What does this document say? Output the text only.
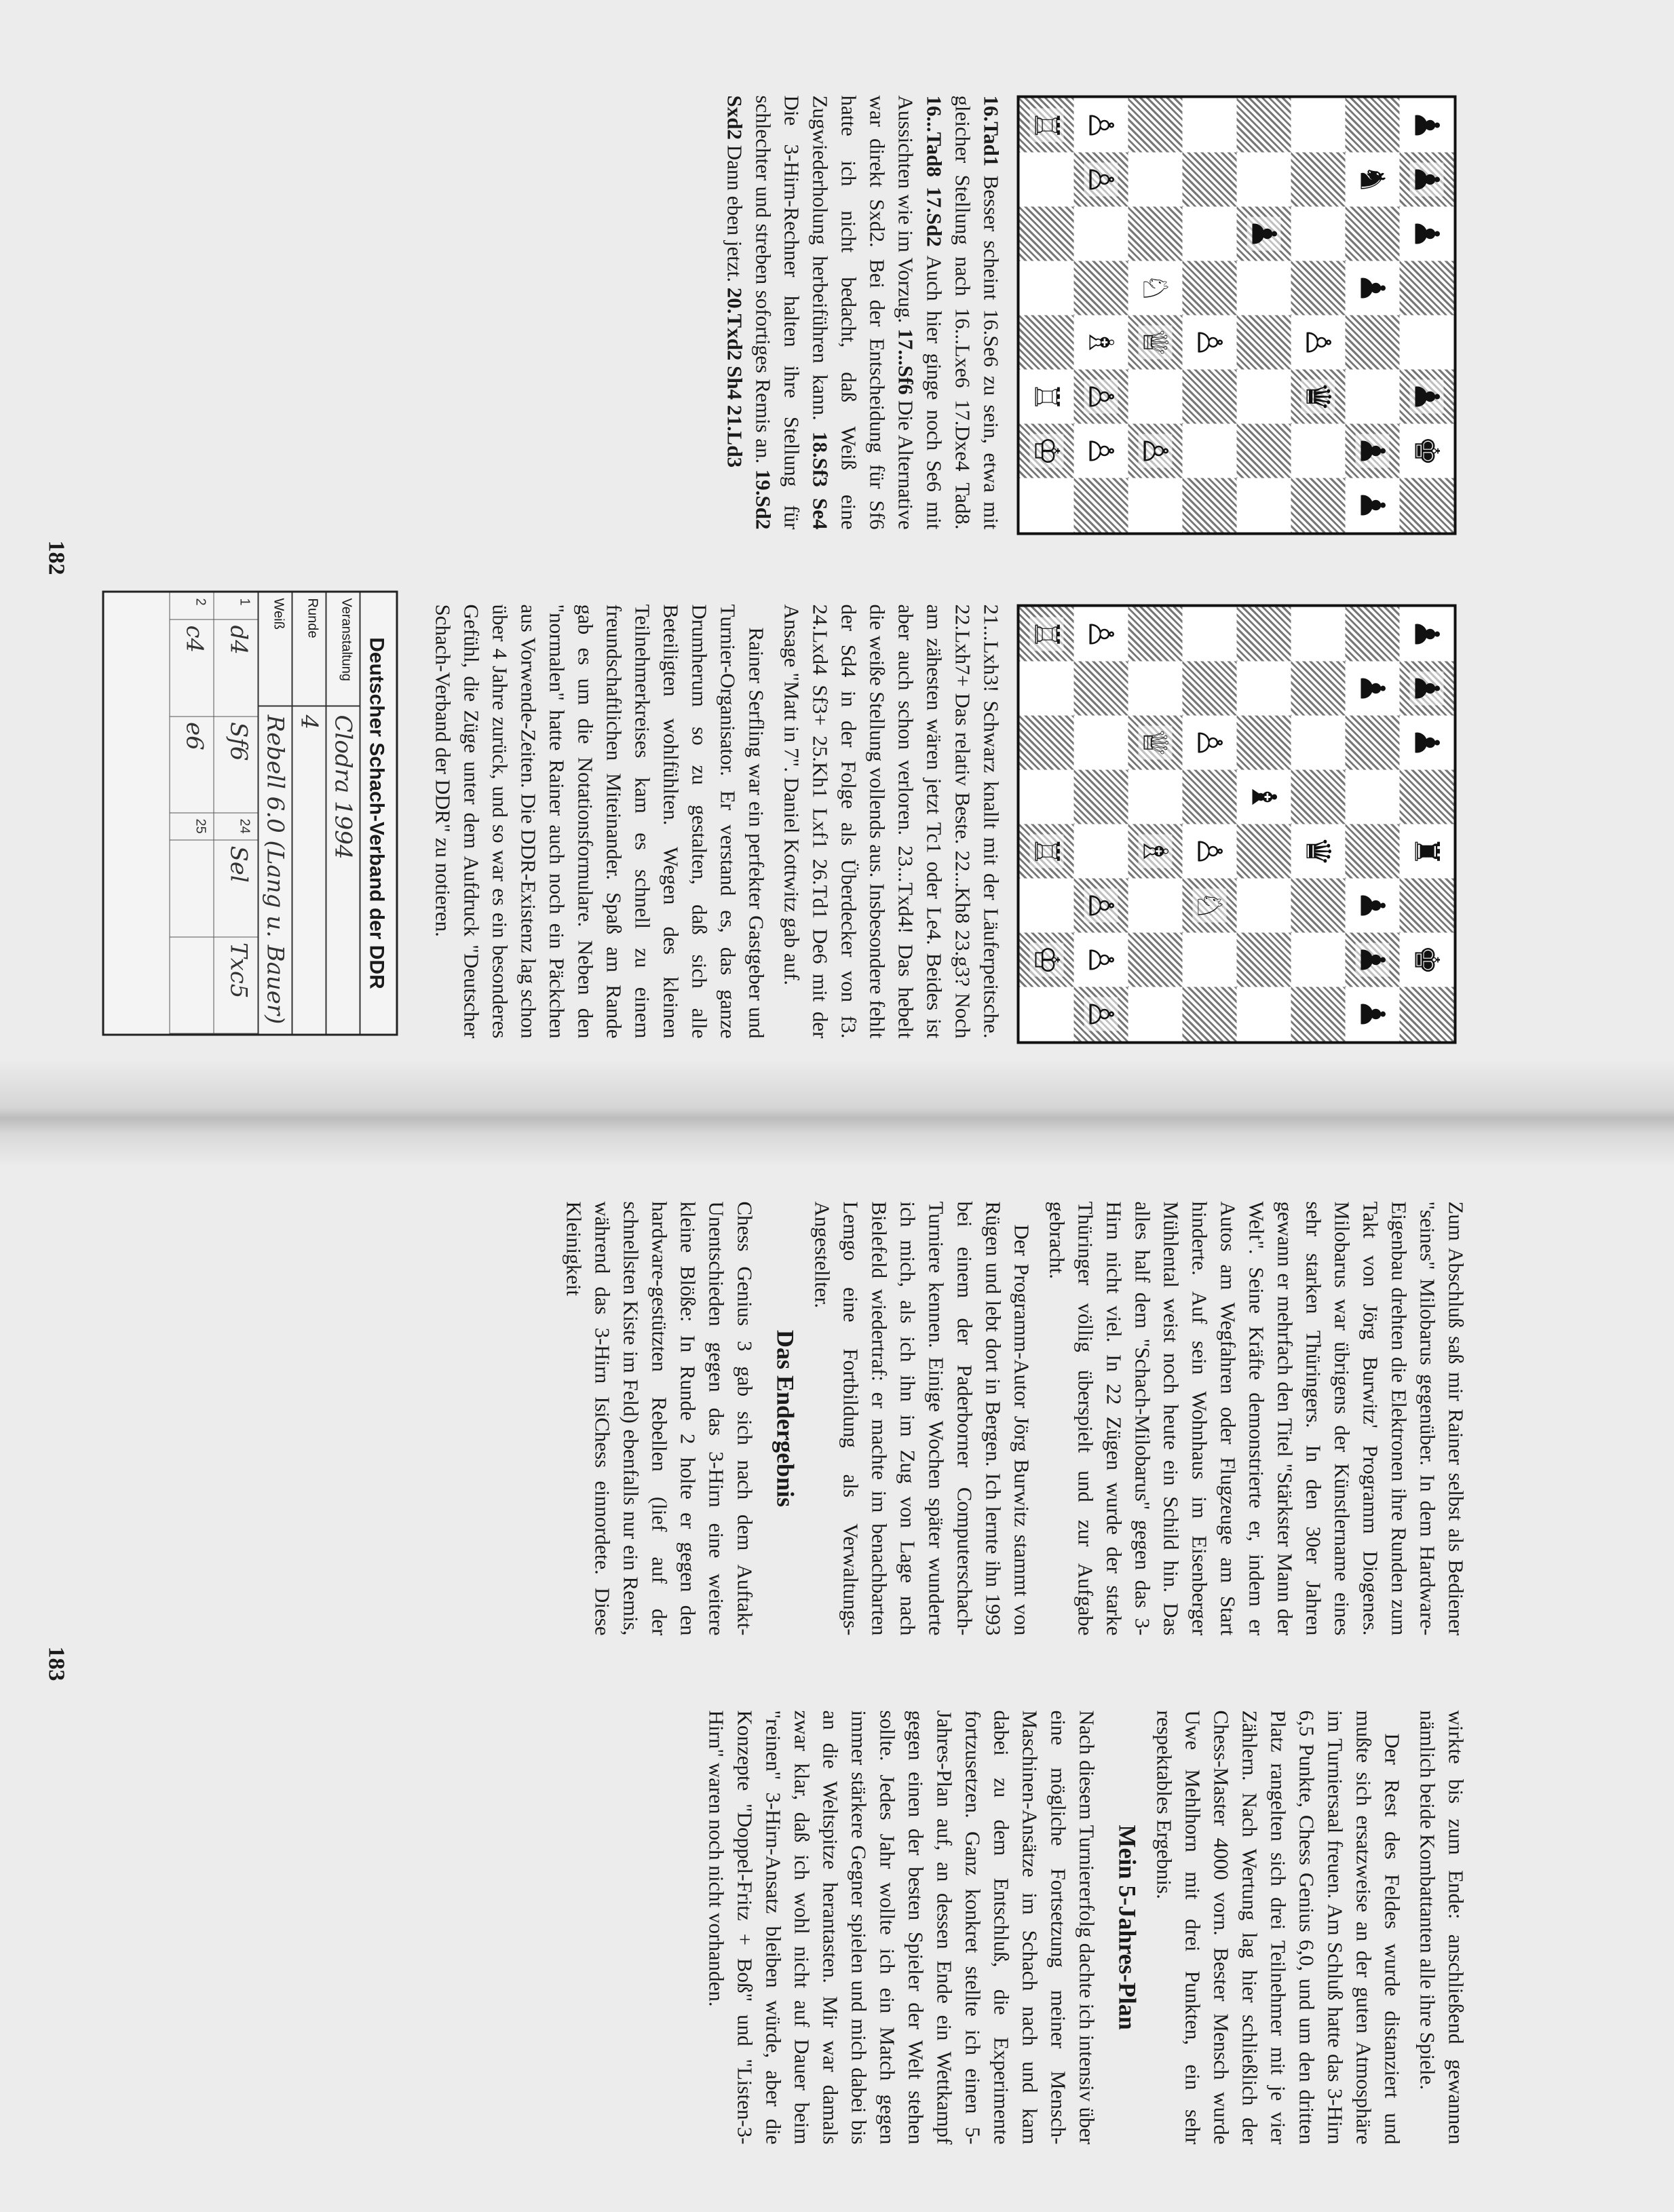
182
♟
♟
♟
♟
♚
♞
♟
♟
♟
♙
♛
♟
♙
♘
♕
♙
♙
♙
♗
♙
♙
♖
♖
♔
16.Tad1 Besser scheint 16.Se6 zu sein, etwa mit gleicher Stellung nach 16...Lxe6 17.Dxe4 Tad8. 16...Tad8 17.Sd2 Auch hier ginge noch Se6 mit Aussichten wie im Vorzug. 17...Sf6 Die Alternative war direkt Sxd2. Bei der Entscheidung für Sf6 hatte ich nicht bedacht, daß Weiß eine Zugwiederholung herbeiführen kann. 18.Sf3 Se4 Die 3-Hirn-Rechner halten ihre Stellung für schlechter und streben sofortiges Remis an. 19.Sd2 Sxd2 Dann eben jetzt. 20.Txd2 Sh4 21.Ld3
♟
♟
♟
♜
♚
♟
♟
♟
♟
♛
♝
♙
♙
♘
♕
♗
♙
♙
♙
♙
♖
♖
♔

21...Lxh3! Schwarz knallt mit der Läuferpeitsche. 22.Lxh7+ Das relativ Beste. 22...Kh8 23.g3? Noch am zähesten wären jetzt Tc1 oder Le4. Beides ist aber auch schon verloren. 23...Txd4! Das hebelt die weiße Stellung vollends aus. Insbesondere fehlt der Sd4 in der Folge als Überdecker von f3. 24.Lxd4 Sf3+ 25.Kh1 Lxf1 26.Td1 De6 mit der Ansage "Matt in 7". Daniel Kottwitz gab auf.

Rainer Serfling war ein perfekter Gastgeber und Turnier-Organisator. Er verstand es, das ganze Drumherum so zu gestalten, daß sich alle Beteiligten wohlfühlten. Wegen des kleinen Teilnehmerkreises kam es schnell zu einem freundschaftlichen Miteinander. Spaß am Rande gab es um die Notationsformulare. Neben den "normalen" hatte Rainer auch noch ein Päckchen aus Vorwende-Zeiten. Die DDR-Existenz lag schon über 4 Jahre zurück, und so war es ein besonderes Gefühl, die Züge unter dem Aufdruck "Deutscher Schach-Verband der DDR" zu notieren.

Deutscher Schach-Verband der DDR
Veranstaltung
Clodra 1994
Runde
4
Weiß
Rebell 6.0 (Lang u. Bauer)
1
d4
Sf6
24
Sel
Txc5
2
c4
e6
25
183

Zum Abschluß saß mir Rainer selbst als Bediener "seines" Milobarus gegenüber. In dem Hardware-Eigenbau drehten die Elektronen ihre Runden zum Takt von Jörg Burwitz' Programm Diogenes. Milobarus war übrigens der Künstlername eines sehr starken Thüringers. In den 30er Jahren gewann er mehrfach den Titel "Stärkster Mann der Welt". Seine Kräfte demonstrierte er, indem er Autos am Wegfahren oder Flugzeuge am Start hinderte. Auf sein Wohnhaus im Eisenberger Mühlental weist noch heute ein Schild hin. Das alles half dem "Schach-Milobarus" gegen das 3-Hirn nicht viel. In 22 Zügen wurde der starke Thüringer völlig überspielt und zur Aufgabe gebracht.

Der Programm-Autor Jörg Burwitz stammt von Rügen und lebt dort in Bergen. Ich lernte ihn 1993 bei einem der Paderborner Computerschach-Turniere kennen. Einige Wochen später wunderte ich mich, als ich ihn im Zug von Lage nach Bielefeld wiedertraf: er machte im benachbarten Lemgo eine Fortbildung als Verwaltungs-Angestellter.

Das Endergebnis

Chess Genius 3 gab sich nach dem Auftakt-Unentschieden gegen das 3-Hirn eine weitere kleine Blöße: In Runde 2 holte er gegen den hardware-gestützten Rebellen (lief auf der schnellsten Kiste im Feld) ebenfalls nur ein Remis, während das 3-Hirn IsiChess einnordete. Diese Kleinigkeit

wirkte bis zum Ende: anschließend gewannen nämlich beide Kombattanten alle ihre Spiele.

Der Rest des Feldes wurde distanziert und mußte sich ersatzweise an der guten Atmosphäre im Turniersaal freuen. Am Schluß hatte das 3-Hirn 6,5 Punkte, Chess Genius 6,0, und um den dritten Platz rangelten sich drei Teilnehmer mit je vier Zählern. Nach Wertung lag hier schließlich der Chess-Master 4000 vorn. Bester Mensch wurde Uwe Mehlhorn mit drei Punkten, ein sehr respektables Ergebnis.

Mein 5-Jahres-Plan

Nach diesem Turniererfolg dachte ich intensiv über eine mögliche Fortsetzung meiner Mensch-Maschinen-Ansätze im Schach nach und kam dabei zu dem Entschluß, die Experimente fortzusetzen. Ganz konkret stellte ich einen 5-Jahres-Plan auf, an dessen Ende ein Wettkampf gegen einen der besten Spieler der Welt stehen sollte. Jedes Jahr wollte ich ein Match gegen immer stärkere Gegner spielen und mich dabei bis an die Weltspitze herantasten. Mir war damals zwar klar, daß ich wohl nicht auf Dauer beim "reinen" 3-Hirn-Ansatz bleiben würde, aber die Konzepte "Doppel-Fritz + Boß" und "Listen-3-Hirn" waren noch nicht vorhanden.
